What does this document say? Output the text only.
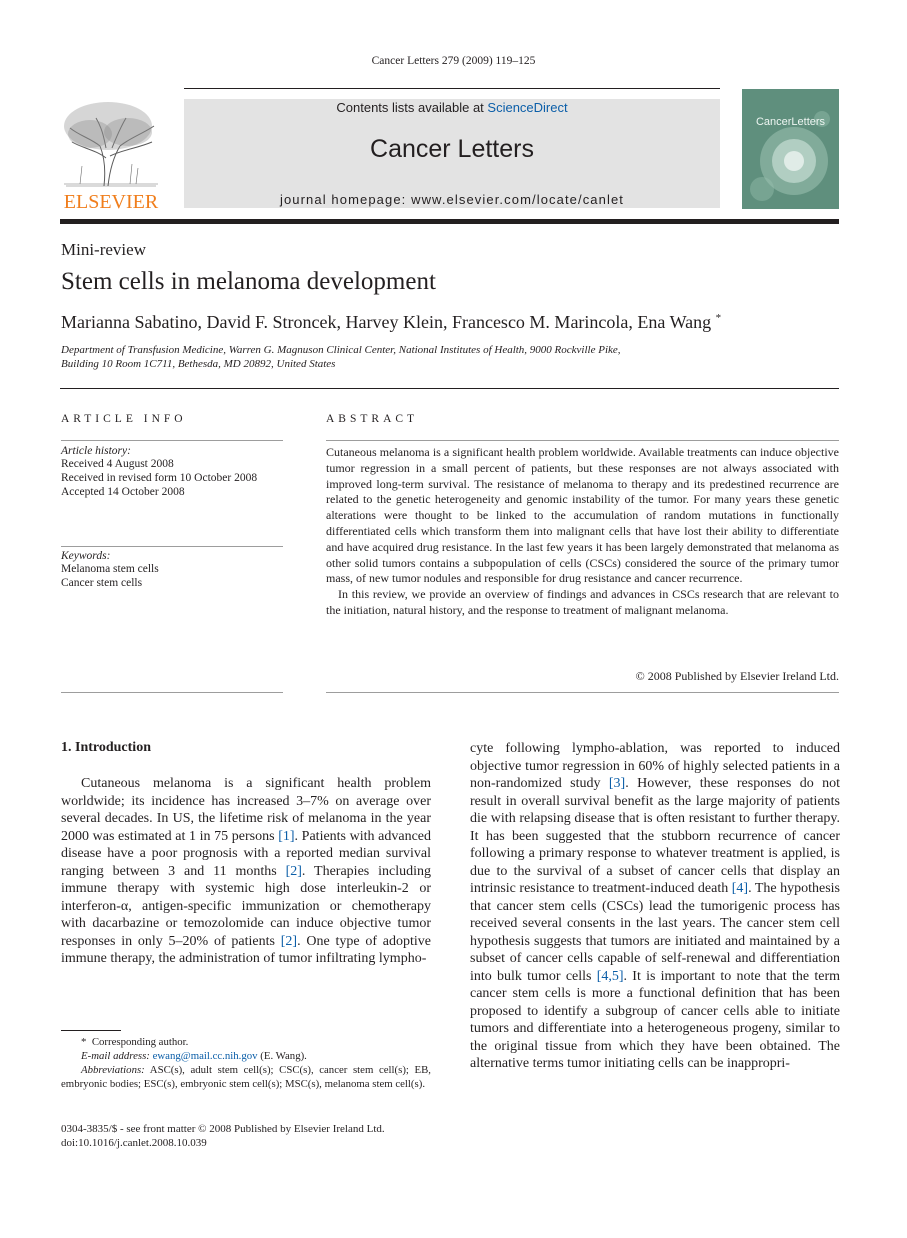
Cancer Letters 279 (2009) 119–125
ELSEVIER
Contents lists available at ScienceDirect
Cancer Letters
journal homepage: www.elsevier.com/locate/canlet
CancerLetters
Mini-review
Stem cells in melanoma development
Marianna Sabatino, David F. Stroncek, Harvey Klein, Francesco M. Marincola, Ena Wang *
Department of Transfusion Medicine, Warren G. Magnuson Clinical Center, National Institutes of Health, 9000 Rockville Pike,
Building 10 Room 1C711, Bethesda, MD 20892, United States
ARTICLE INFO
Article history:
Received 4 August 2008
Received in revised form 10 October 2008
Accepted 14 October 2008
Keywords:
Melanoma stem cells
Cancer stem cells
ABSTRACT

Cutaneous melanoma is a significant health problem worldwide. Available treatments can induce objective tumor regression in a small percent of patients, but these responses are not always associated with improved long-term survival. The resistance of melanoma to therapy and its predestined recurrence are related to the genetic heterogeneity and genomic instability of the tumor. For many years these genetic alterations were thought to be linked to the accumulation of random mutations in functionally differentiated cells which transform them into malignant cells that have lost their ability to differentiate and have acquired drug resistance. In the last few years it has been largely demonstrated that melanoma as other solid tumors contains a subpopulation of cells (CSCs) considered the source of the primary tumor mass, of new tumor nodules and responsible for drug resistance and cancer recurrence.

In this review, we provide an overview of findings and advances in CSCs research that are relevant to the initiation, natural history, and the response to treatment of malignant melanoma.

© 2008 Published by Elsevier Ireland Ltd.
1. Introduction

Cutaneous melanoma is a significant health problem worldwide; its incidence has increased 3–7% on average over several decades. In US, the lifetime risk of melanoma in the year 2000 was estimated at 1 in 75 persons [1]. Patients with advanced disease have a poor prognosis with a reported median survival ranging between 3 and 11 months [2]. Therapies including immune therapy with systemic high dose interleukin-2 or interferon-α, antigen-specific immunization or chemotherapy with dacarbazine or temozolomide can induce objective tumor responses in only 5–20% of patients [2]. One type of adoptive immune therapy, the administration of tumor infiltrating lympho-

cyte following lympho-ablation, was reported to induced objective tumor regression in 60% of highly selected patients in a non-randomized study [3]. However, these responses do not result in overall survival benefit as the large majority of patients die with relapsing disease that is often resistant to further therapy. It has been suggested that the stubborn recurrence of cancer following a primary response to whatever treatment is applied, is due to the survival of a subset of cancer cells that display an intrinsic resistance to treatment-induced death [4]. The hypothesis that cancer stem cells (CSCs) lead the tumorigenic process has received several consents in the last years. The cancer stem cell hypothesis suggests that tumors are initiated and maintained by a subset of cancer cells capable of self-renewal and differentiation into bulk tumor cells [4,5]. It is important to note that the term cancer stem cells is more a functional definition that has been proposed to identify a subgroup of cancer cells able to initiate tumors and differentiate into a heterogeneous progeny, similar to the original tissue from which they have been obtained. The alternative terms tumor initiating cells can be inappropri-

* Corresponding author.
E-mail address: ewang@mail.cc.nih.gov (E. Wang).
Abbreviations: ASC(s), adult stem cell(s); CSC(s), cancer stem cell(s); EB, embryonic bodies; ESC(s), embryonic stem cell(s); MSC(s), melanoma stem cell(s).
0304-3835/$ - see front matter © 2008 Published by Elsevier Ireland Ltd.
doi:10.1016/j.canlet.2008.10.039
